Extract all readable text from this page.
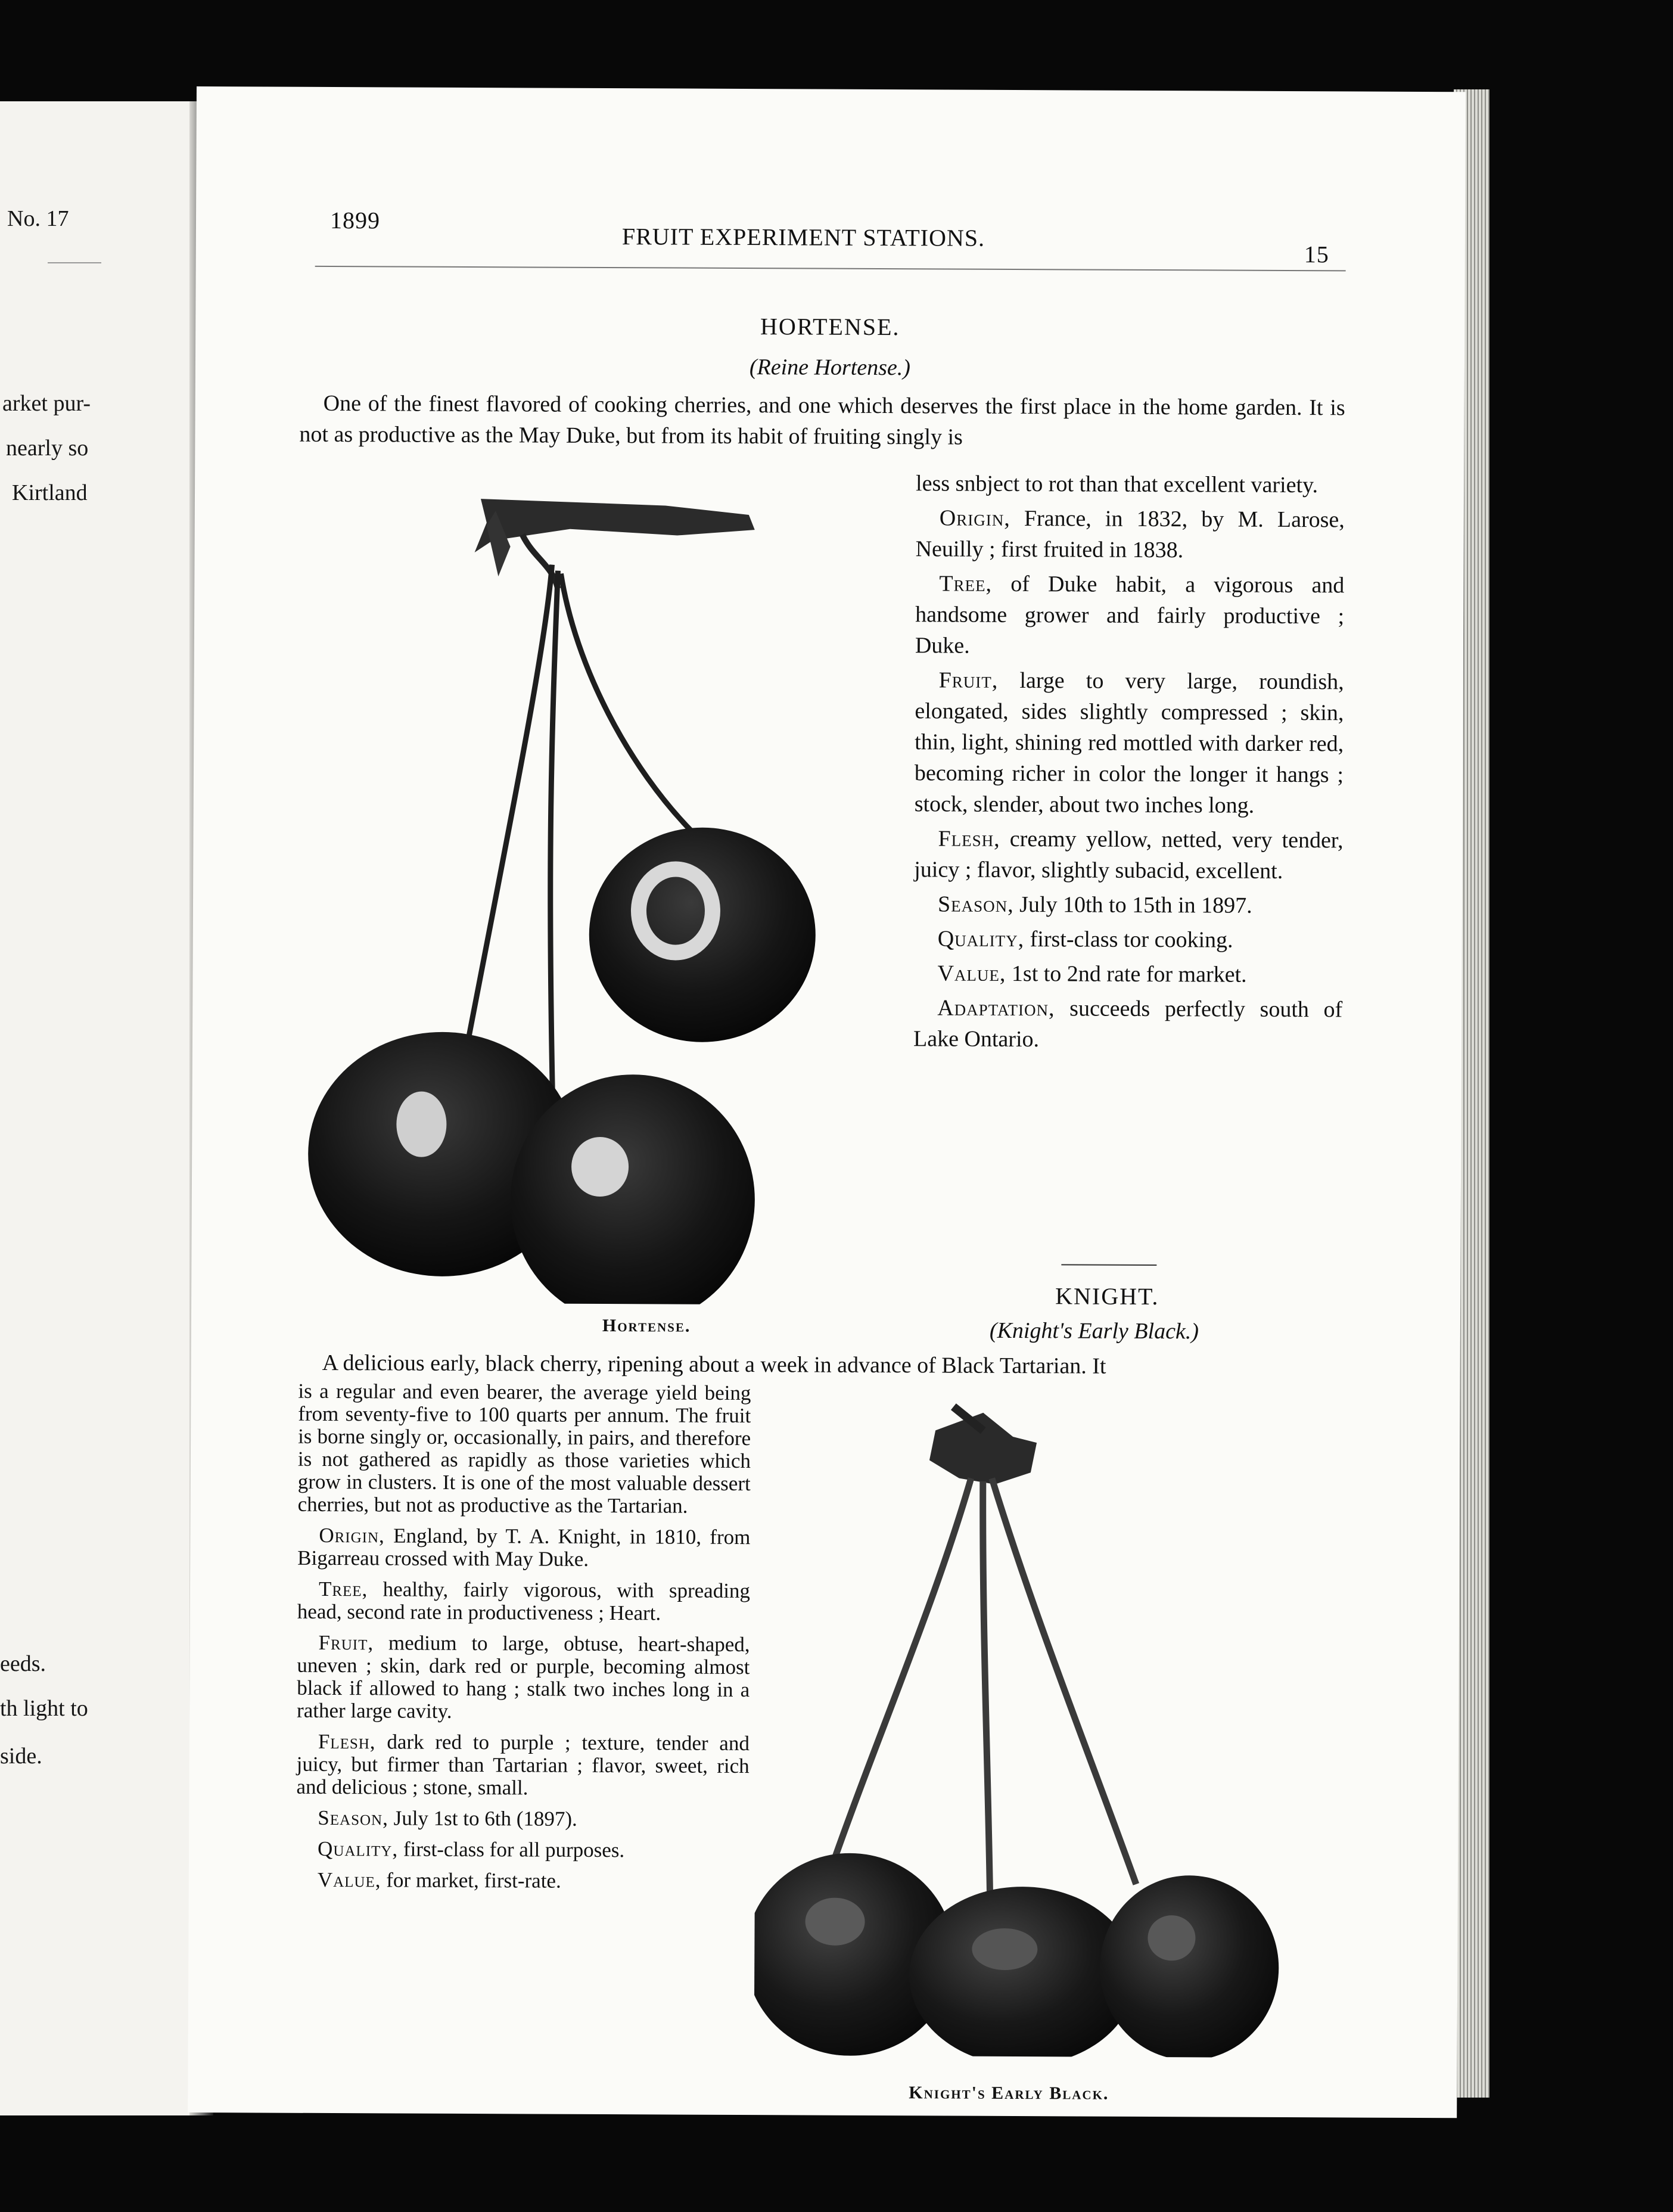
No. 17
arket pur-
nearly so
Kirtland
eeds.
th light to
side.
1899
FRUIT EXPERIMENT STATIONS.
15
HORTENSE.
(Reine Hortense.)

One of the finest flavored of cooking cherries, and one which deserves the first place in the home garden. It is not as productive as the May Duke, but from its habit of fruiting singly is

less snbject to rot than that excellent variety.

Origin, France, in 1832, by M. Larose, Neuilly ; first fruited in 1838.

Tree, of Duke habit, a vigorous and handsome grower and fairly productive ; Duke.

Fruit, large to very large, roundish, elongated, sides slightly compressed ; skin, thin, light, shining red mottled with darker red, becoming richer in color the longer it hangs ; stock, slender, about two inches long.

Flesh, creamy yellow, netted, very tender, juicy ; flavor, slightly subacid, excellent.

Season, July 10th to 15th in 1897.

Quality, first-class tor cooking.

Value, 1st to 2nd rate for market.

Adaptation, succeeds perfectly south of Lake Ontario.

Hortense.
KNIGHT.
(Knight's Early Black.)

A delicious early, black cherry, ripening about a week in advance of Black Tartarian. It

is a regular and even bearer, the average yield being from seventy-five to 100 quarts per annum. The fruit is borne singly or, occasionally, in pairs, and therefore is not gathered as rapidly as those varieties which grow in clusters. It is one of the most valuable dessert cherries, but not as productive as the Tartarian.

Origin, England, by T. A. Knight, in 1810, from Bigarreau crossed with May Duke.

Tree, healthy, fairly vigorous, with spreading head, second rate in productiveness ; Heart.

Fruit, medium to large, obtuse, heart-shaped, uneven ; skin, dark red or purple, becoming almost black if allowed to hang ; stalk two inches long in a rather large cavity.

Flesh, dark red to purple ; texture, tender and juicy, but firmer than Tartarian ; flavor, sweet, rich and delicious ; stone, small.

Season, July 1st to 6th (1897).

Quality, first-class for all purposes.

Value, for market, first-rate.

Knight's Early Black.
